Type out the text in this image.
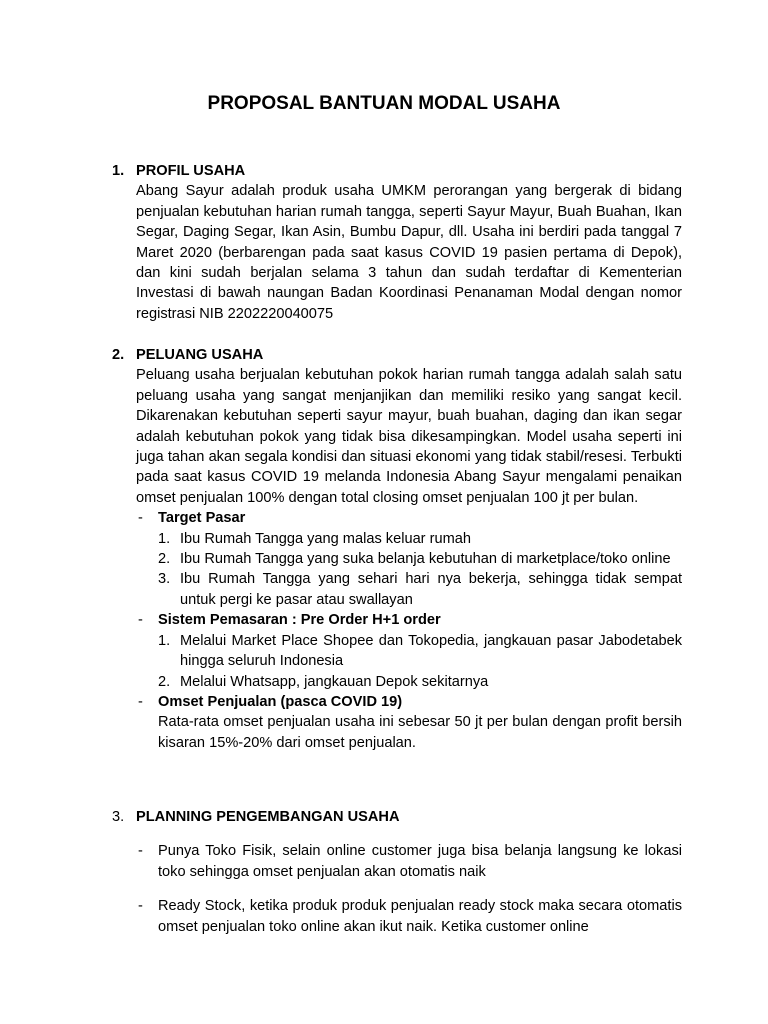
PROPOSAL BANTUAN MODAL USAHA
1. PROFIL USAHA
Abang Sayur adalah produk usaha UMKM perorangan yang bergerak di bidang penjualan kebutuhan harian rumah tangga, seperti Sayur Mayur, Buah Buahan, Ikan Segar, Daging Segar, Ikan Asin, Bumbu Dapur, dll. Usaha ini berdiri pada tanggal 7 Maret 2020 (berbarengan pada saat kasus COVID 19 pasien pertama di Depok), dan kini sudah berjalan selama 3 tahun dan sudah terdaftar di Kementerian Investasi di bawah naungan Badan Koordinasi Penanaman Modal dengan nomor registrasi NIB 2202220040075
2. PELUANG USAHA
Peluang usaha berjualan kebutuhan pokok harian rumah tangga adalah salah satu peluang usaha yang sangat menjanjikan dan memiliki resiko yang sangat kecil. Dikarenakan kebutuhan seperti sayur mayur, buah buahan, daging dan ikan segar adalah kebutuhan pokok yang tidak bisa dikesampingkan. Model usaha seperti ini juga tahan akan segala kondisi dan situasi ekonomi yang tidak stabil/resesi. Terbukti pada saat kasus COVID 19 melanda Indonesia Abang Sayur mengalami penaikan omset penjualan 100% dengan total closing omset penjualan 100 jt per bulan.
-	Target Pasar
1. Ibu Rumah Tangga yang malas keluar rumah
2. Ibu Rumah Tangga yang suka belanja kebutuhan di marketplace/toko online
3. Ibu Rumah Tangga yang sehari hari nya bekerja, sehingga tidak sempat untuk pergi ke pasar atau swallayan
-	Sistem Pemasaran : Pre Order H+1 order
1. Melalui Market Place Shopee dan Tokopedia, jangkauan pasar Jabodetabek hingga seluruh Indonesia
2. Melalui Whatsapp, jangkauan Depok sekitarnya
-	Omset Penjualan (pasca COVID 19)
Rata-rata omset penjualan usaha ini sebesar 50 jt per bulan dengan profit bersih kisaran 15%-20% dari omset penjualan.
3. PLANNING PENGEMBANGAN USAHA
-	Punya Toko Fisik, selain online customer juga bisa belanja langsung ke lokasi toko sehingga omset penjualan akan otomatis naik
-	Ready Stock, ketika produk produk penjualan ready stock maka secara otomatis omset penjualan toko online akan ikut naik. Ketika customer online
